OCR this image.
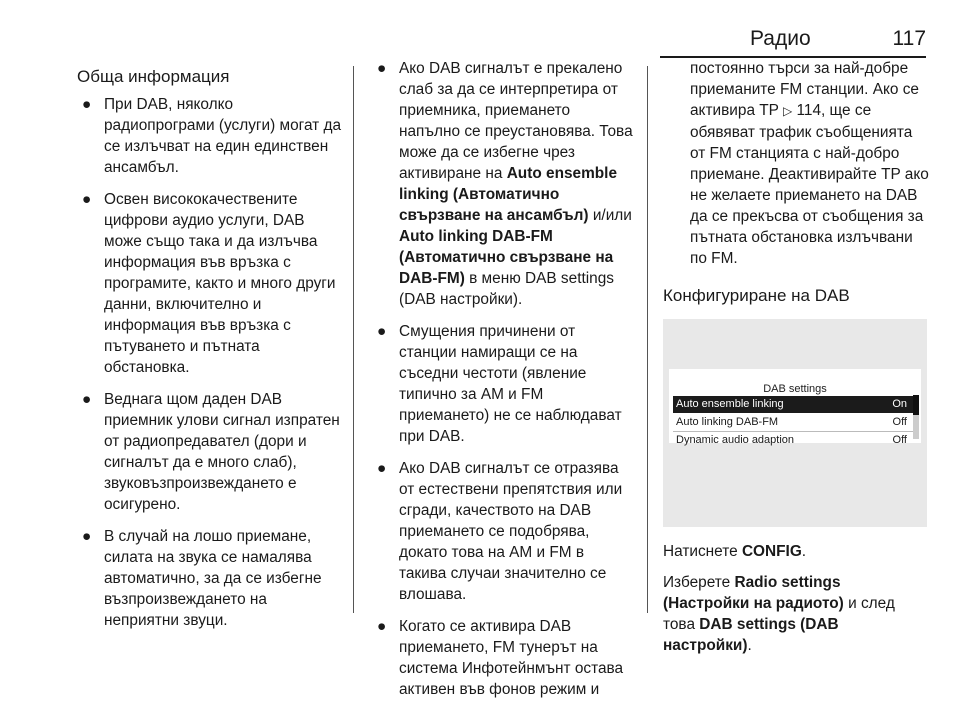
Радио	117
Обща информация
● При DAB, няколко радиопрограми (услуги) могат да се излъчват на един единствен ансамбъл.
● Освен висококачествените цифрови аудио услуги, DAB може също така и да излъчва информация във връзка с програмите, както и много други данни, включително и информация във връзка с пътуването и пътната обстановка.
● Веднага щом даден DAB приемник улови сигнал изпратен от радиопредавател (дори и сигналът да е много слаб), звуковъзпроизвеждането е осигурено.
● В случай на лошо приемане, силата на звука се намалява автоматично, за да се избегне възпроизвеждането на неприятни звуци.
● Ако DAB сигналът е прекалено слаб за да се интерпретира от приемника, приемането напълно се преустановява. Това може да се избегне чрез активиране на Auto ensemble linking (Автоматично свързване на ансамбъл) и/или Auto linking DAB-FM (Автоматично свързване на DAB-FM) в меню DAB settings (DAB настройки).
● Смущения причинени от станции намиращи се на съседни честоти (явление типично за AM и FM приемането) не се наблюдават при DAB.
● Ако DAB сигналът се отразява от естествени препятствия или сгради, качеството на DAB приемането се подобрява, докато това на AM и FM в такива случаи значително се влошава.
● Когато се активира DAB приемането, FM тунерът на система Инфотейнмънт остава активен във фонов режим и
постоянно търси за най-добре приеманите FM станции. Ако се активира TP ▷ 114, ще се обявяват трафик съобщенията от FM станцията с най-добро приемане. Деактивирайте TP ако не желаете приемането на DAB да се прекъсва от съобщения за пътната обстановка излъчвани по FM.
Конфигуриране на DAB
DAB settings
Auto ensemble linking	On
Auto linking DAB-FM	Off
Dynamic audio adaption	Off
Натиснете CONFIG.
Изберете Radio settings (Настройки на радиото) и след това DAB settings (DAB настройки).
